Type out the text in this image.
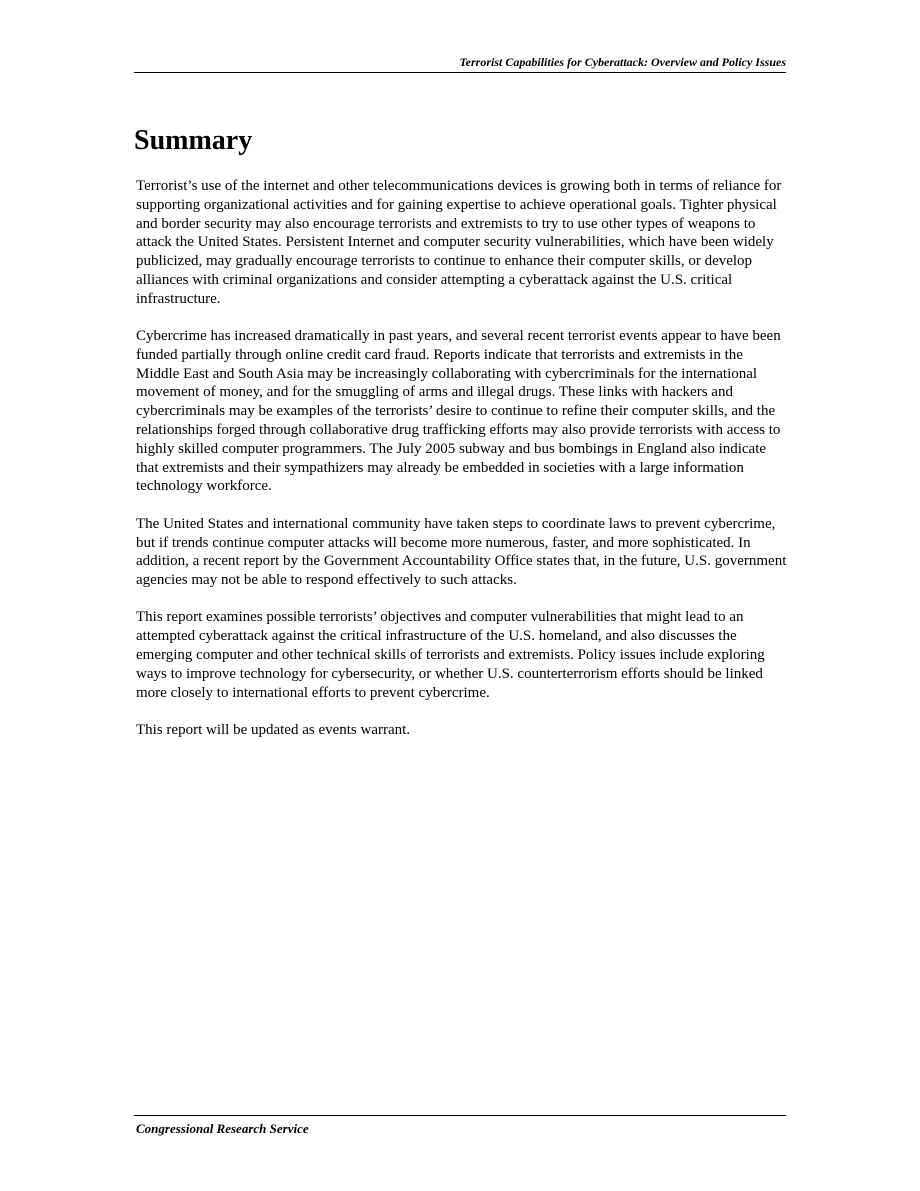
Terrorist Capabilities for Cyberattack: Overview and Policy Issues
Summary

Terrorist’s use of the internet and other telecommunications devices is growing both in terms of reliance for supporting organizational activities and for gaining expertise to achieve operational goals. Tighter physical and border security may also encourage terrorists and extremists to try to use other types of weapons to attack the United States. Persistent Internet and computer security vulnerabilities, which have been widely publicized, may gradually encourage terrorists to continue to enhance their computer skills, or develop alliances with criminal organizations and consider attempting a cyberattack against the U.S. critical infrastructure.

Cybercrime has increased dramatically in past years, and several recent terrorist events appear to have been funded partially through online credit card fraud. Reports indicate that terrorists and extremists in the Middle East and South Asia may be increasingly collaborating with cybercriminals for the international movement of money, and for the smuggling of arms and illegal drugs. These links with hackers and cybercriminals may be examples of the terrorists’ desire to continue to refine their computer skills, and the relationships forged through collaborative drug trafficking efforts may also provide terrorists with access to highly skilled computer programmers. The July 2005 subway and bus bombings in England also indicate that extremists and their sympathizers may already be embedded in societies with a large information technology workforce.

The United States and international community have taken steps to coordinate laws to prevent cybercrime, but if trends continue computer attacks will become more numerous, faster, and more sophisticated. In addition, a recent report by the Government Accountability Office states that, in the future, U.S. government agencies may not be able to respond effectively to such attacks.

This report examines possible terrorists’ objectives and computer vulnerabilities that might lead to an attempted cyberattack against the critical infrastructure of the U.S. homeland, and also discusses the emerging computer and other technical skills of terrorists and extremists. Policy issues include exploring ways to improve technology for cybersecurity, or whether U.S. counterterrorism efforts should be linked more closely to international efforts to prevent cybercrime.

This report will be updated as events warrant.

Congressional Research Service
